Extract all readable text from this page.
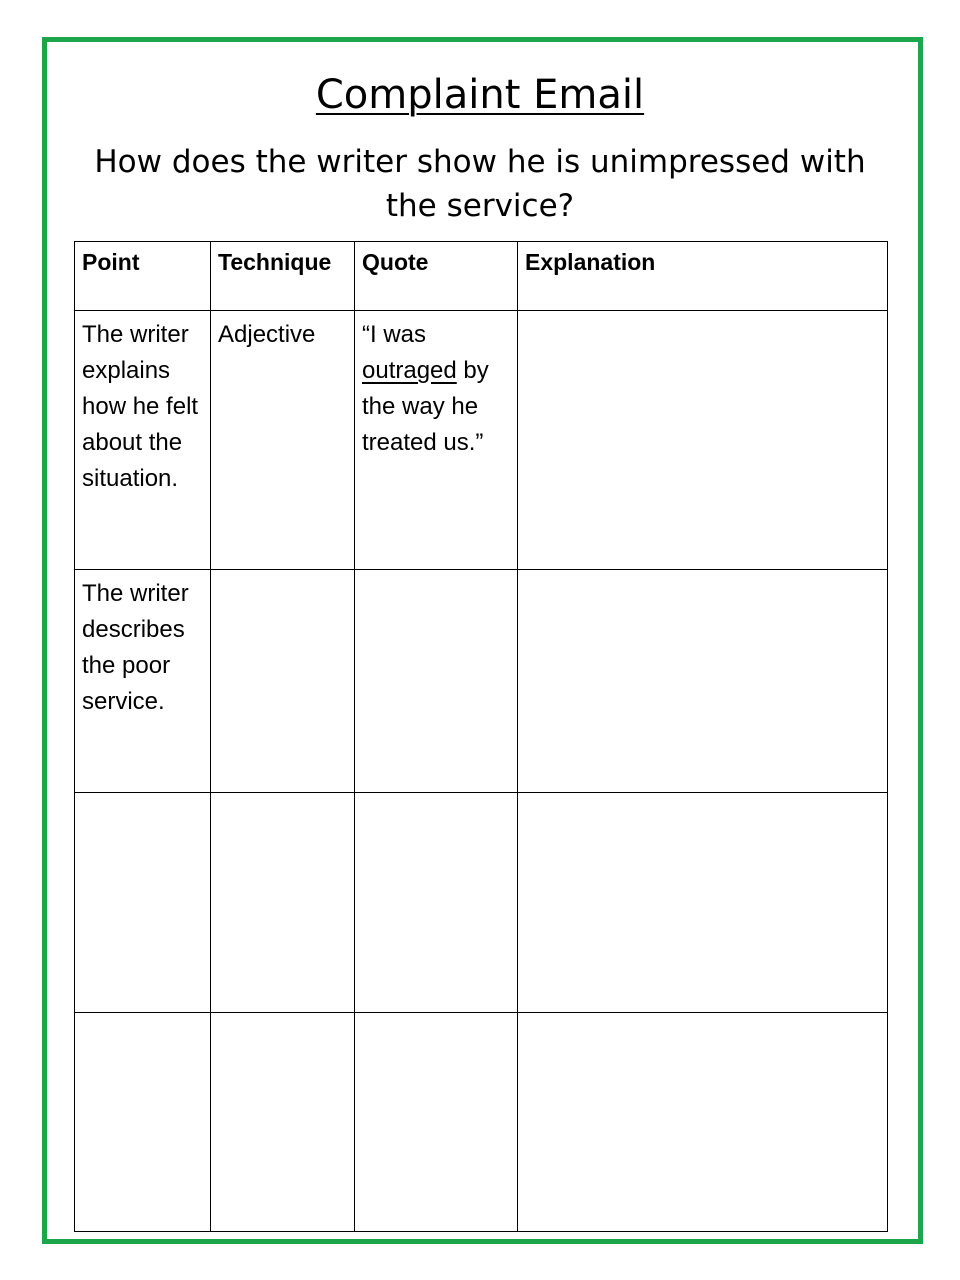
Complaint Email
How does the writer show he is unimpressed with the service?
Point	Technique	Quote	Explanation
The writer explains how he felt about the situation.	Adjective	“I was outraged by the way he treated us.”	
The writer describes the poor service.			
